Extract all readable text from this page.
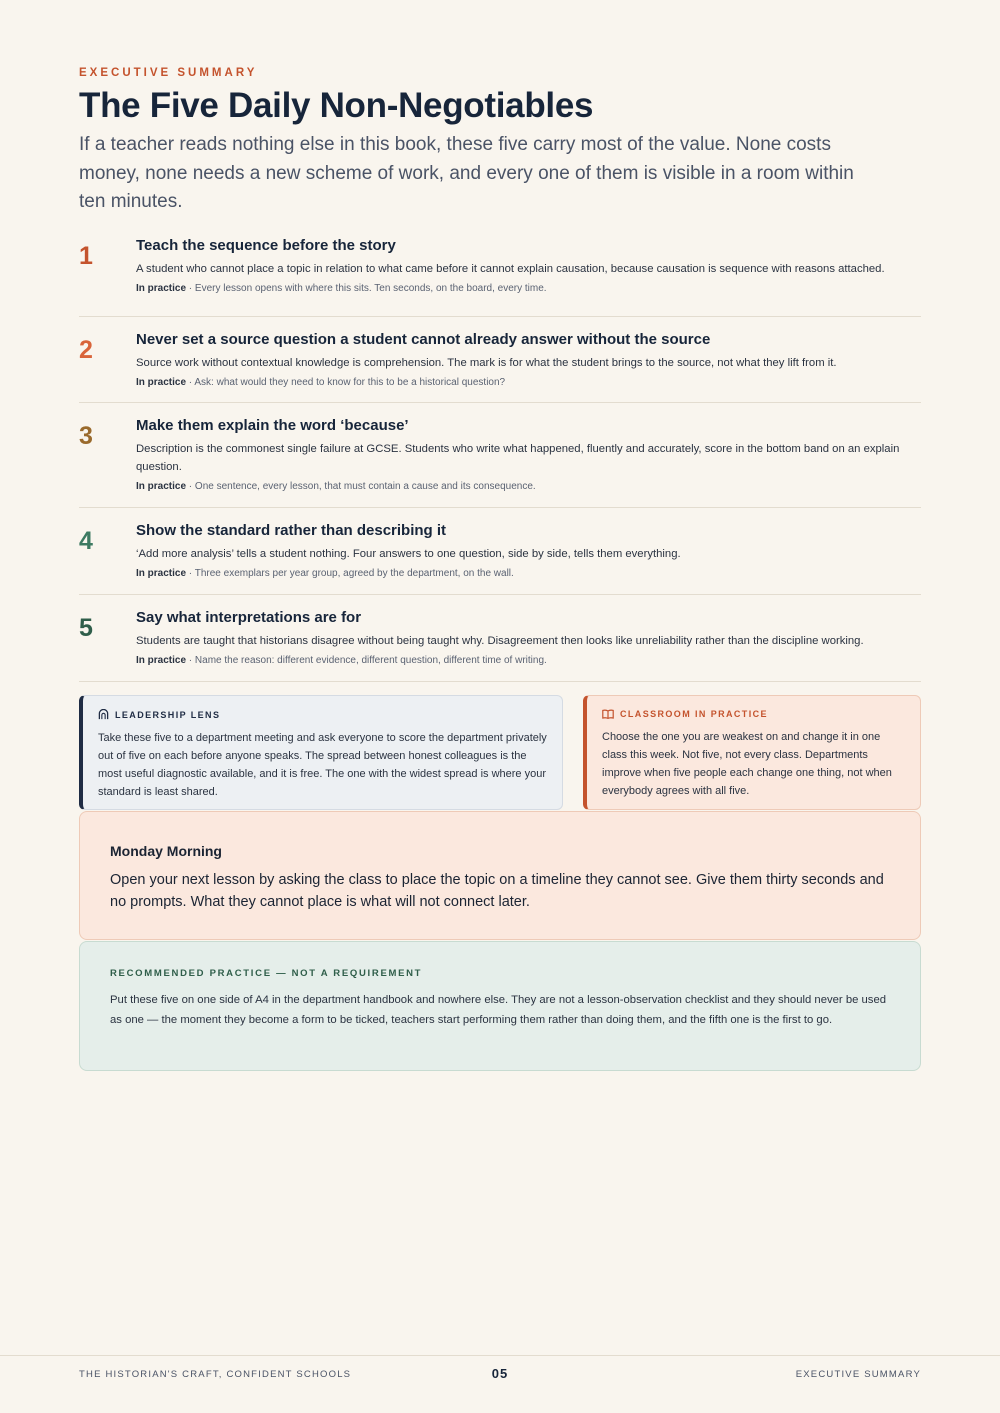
EXECUTIVE SUMMARY
The Five Daily Non-Negotiables

If a teacher reads nothing else in this book, these five carry most of the value. None costs money, none needs a new scheme of work, and every one of them is visible in a room within ten minutes.

1	Teach the sequence before the story

A student who cannot place a topic in relation to what came before it cannot explain causation, because causation is sequence with reasons attached.

In practice · Every lesson opens with where this sits. Ten seconds, on the board, every time.

2	Never set a source question a student cannot already answer without the source

Source work without contextual knowledge is comprehension. The mark is for what the student brings to the source, not what they lift from it.

In practice · Ask: what would they need to know for this to be a historical question?

3	Make them explain the word ‘because’

Description is the commonest single failure at GCSE. Students who write what happened, fluently and accurately, score in the bottom band on an explain question.

In practice · One sentence, every lesson, that must contain a cause and its consequence.

4	Show the standard rather than describing it

‘Add more analysis’ tells a student nothing. Four answers to one question, side by side, tells them everything.

In practice · Three exemplars per year group, agreed by the department, on the wall.

5	Say what interpretations are for

Students are taught that historians disagree without being taught why. Disagreement then looks like unreliability rather than the discipline working.

In practice · Name the reason: different evidence, different question, different time of writing.

LEADERSHIP LENS

Take these five to a department meeting and ask everyone to score the department privately out of five on each before anyone speaks. The spread between honest colleagues is the most useful diagnostic available, and it is free. The one with the widest spread is where your standard is least shared.

CLASSROOM IN PRACTICE

Choose the one you are weakest on and change it in one class this week. Not five, not every class. Departments improve when five people each change one thing, not when everybody agrees with all five.

Monday Morning

Open your next lesson by asking the class to place the topic on a timeline they cannot see. Give them thirty seconds and no prompts. What they cannot place is what will not connect later.

RECOMMENDED PRACTICE — NOT A REQUIREMENT

Put these five on one side of A4 in the department handbook and nowhere else. They are not a lesson-observation checklist and they should never be used as one — the moment they become a form to be ticked, teachers start performing them rather than doing them, and the fifth one is the first to go.

THE HISTORIAN'S CRAFT, CONFIDENT SCHOOLS	05	EXECUTIVE SUMMARY
